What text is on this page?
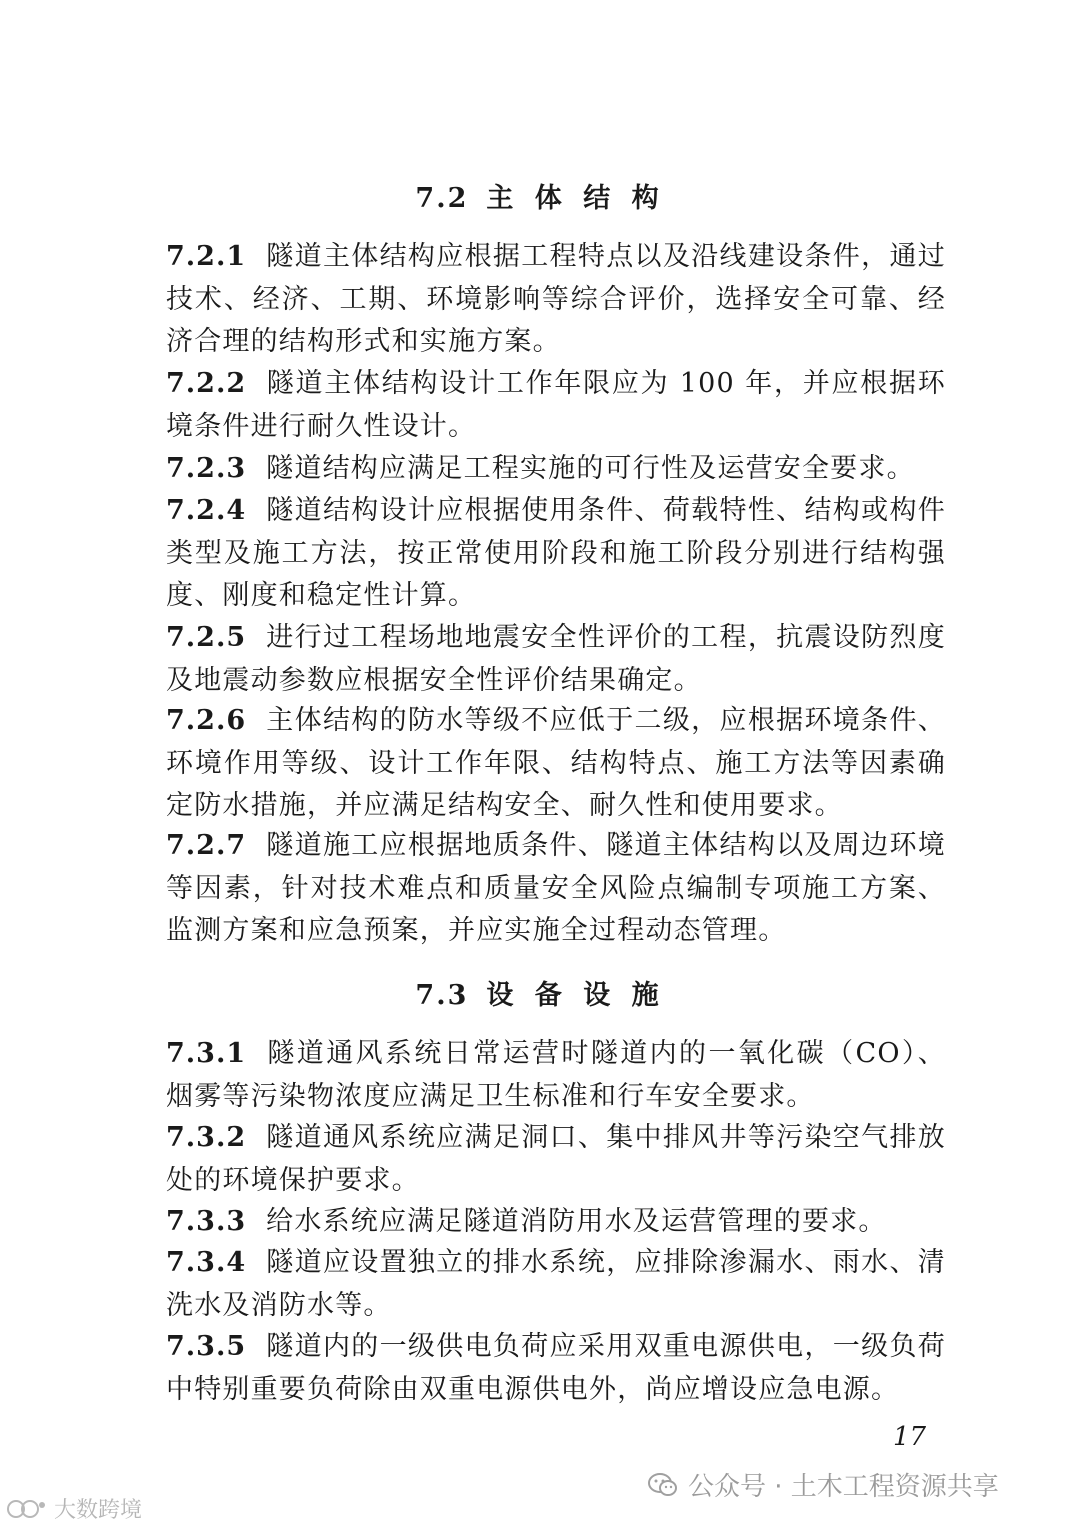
7.2 主 体 结 构
7.2.1 隧道主体结构应根据工程特点以及沿线建设条件，通过技术、经济、工期、环境影响等综合评价，选择安全可靠、经济合理的结构形式和实施方案。
7.2.2 隧道主体结构设计工作年限应为 100 年，并应根据环境条件进行耐久性设计。
7.2.3 隧道结构应满足工程实施的可行性及运营安全要求。
7.2.4 隧道结构设计应根据使用条件、荷载特性、结构或构件类型及施工方法，按正常使用阶段和施工阶段分别进行结构强度、刚度和稳定性计算。
7.2.5 进行过工程场地地震安全性评价的工程，抗震设防烈度及地震动参数应根据安全性评价结果确定。
7.2.6 主体结构的防水等级不应低于二级，应根据环境条件、环境作用等级、设计工作年限、结构特点、施工方法等因素确定防水措施，并应满足结构安全、耐久性和使用要求。
7.2.7 隧道施工应根据地质条件、隧道主体结构以及周边环境等因素，针对技术难点和质量安全风险点编制专项施工方案、监测方案和应急预案，并应实施全过程动态管理。
7.3 设 备 设 施
7.3.1 隧道通风系统日常运营时隧道内的一氧化碳（CO）、烟雾等污染物浓度应满足卫生标准和行车安全要求。
7.3.2 隧道通风系统应满足洞口、集中排风井等污染空气排放处的环境保护要求。
7.3.3 给水系统应满足隧道消防用水及运营管理的要求。
7.3.4 隧道应设置独立的排水系统，应排除渗漏水、雨水、清洗水及消防水等。
7.3.5 隧道内的一级供电负荷应采用双重电源供电，一级负荷中特别重要负荷除由双重电源供电外，尚应增设应急电源。
17
公众号 · 土木工程资源共享
大数跨境
